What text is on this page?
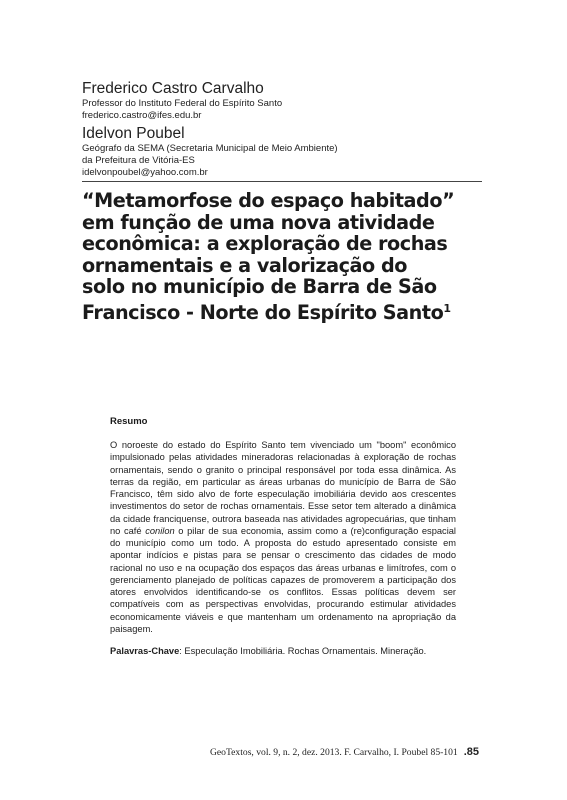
Frederico Castro Carvalho
Professor do Instituto Federal do Espírito Santo
frederico.castro@ifes.edu.br
Idelvon Poubel
Geógrafo da SEMA (Secretaria Municipal de Meio Ambiente)
da Prefeitura de Vitória-ES
idelvonpoubel@yahoo.com.br
“Metamorfose do espaço habitado”
em função de uma nova atividade
econômica: a exploração de rochas
ornamentais e a valorização do
solo no município de Barra de São
Francisco - Norte do Espírito Santo$^1$

Resumo

O noroeste do estado do Espírito Santo tem vivenciado um "boom" econômico impulsionado pelas atividades mineradoras relacionadas à exploração de rochas ornamentais, sendo o granito o principal responsável por toda essa dinâmica. As terras da região, em particular as áreas urbanas do município de Barra de São Francisco, têm sido alvo de forte especulação imobiliária devido aos crescentes investimentos do setor de rochas ornamentais. Esse setor tem alterado a dinâmica da cidade franciquense, outrora baseada nas atividades agropecuárias, que tinham no café conilon o pilar de sua economia, assim como a (re)configuração espacial do município como um todo. A proposta do estudo apresentado consiste em apontar indícios e pistas para se pensar o crescimento das cidades de modo racional no uso e na ocupação dos espaços das áreas urbanas e limítrofes, com o gerenciamento planejado de políticas capazes de promoverem a participação dos atores envolvidos identificando-se os conflitos. Essas políticas devem ser compatíveis com as perspectivas envolvidas, procurando estimular atividades economicamente viáveis e que mantenham um ordenamento na apropriação da paisagem.

Palavras-Chave: Especulação Imobiliária. Rochas Ornamentais. Mineração.

GeoTextos, vol. 9, n. 2, dez. 2013. F. Carvalho, I. Poubel 85-101 .85
